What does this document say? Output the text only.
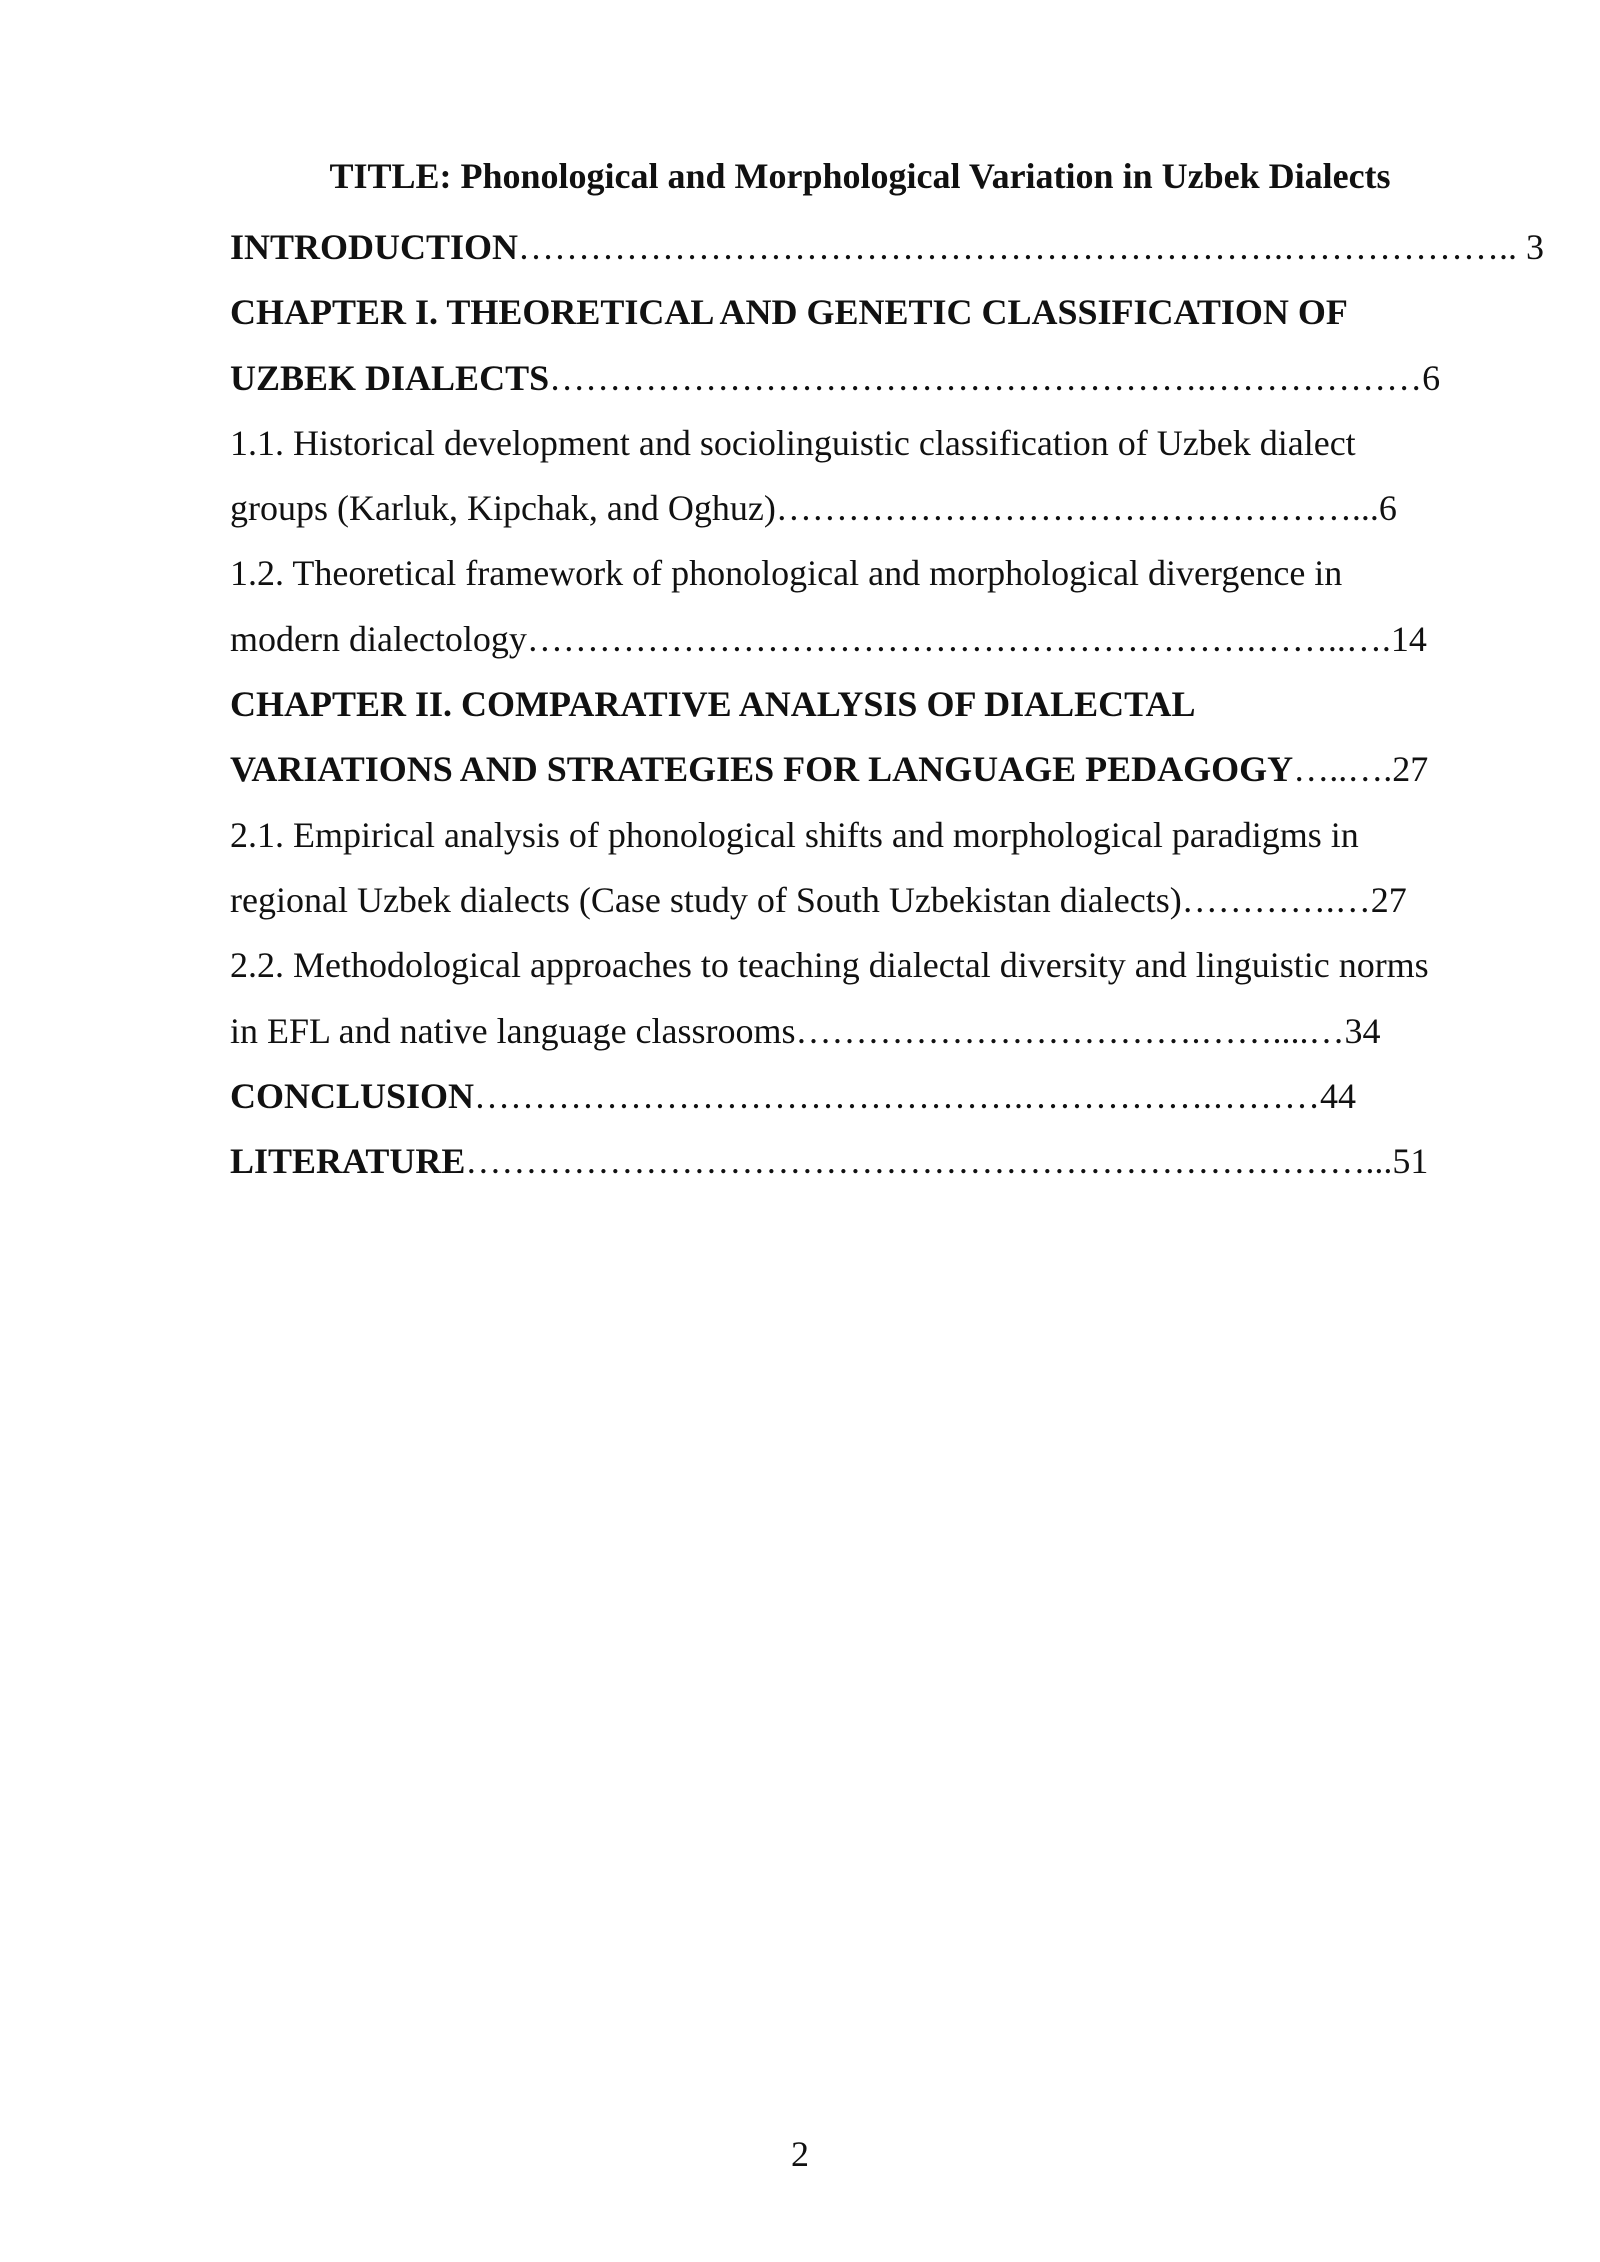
TITLE: Phonological and Morphological Variation in Uzbek Dialects
INTRODUCTION……………………………………………………….……………….. 3
CHAPTER I. THEORETICAL AND GENETIC CLASSIFICATION OF
UZBEK DIALECTS……………………………………………….………………6
1.1. Historical development and sociolinguistic classification of Uzbek dialect
groups (Karluk, Kipchak, and Oghuz)…………………………………………...6
1.2. Theoretical framework of phonological and morphological divergence in
modern dialectology…………………………………………………….……..….14
CHAPTER II. COMPARATIVE ANALYSIS OF DIALECTAL
VARIATIONS AND STRATEGIES FOR LANGUAGE PEDAGOGY…..….27
2.1. Empirical analysis of phonological shifts and morphological paradigms in
regional Uzbek dialects (Case study of South Uzbekistan dialects)………….…27
2.2. Methodological approaches to teaching dialectal diversity and linguistic norms
in EFL and native language classrooms…………………………….……....…34
CONCLUSION……………………………………….…………….………44
LITERATURE…………………………………………………………………...51
2
